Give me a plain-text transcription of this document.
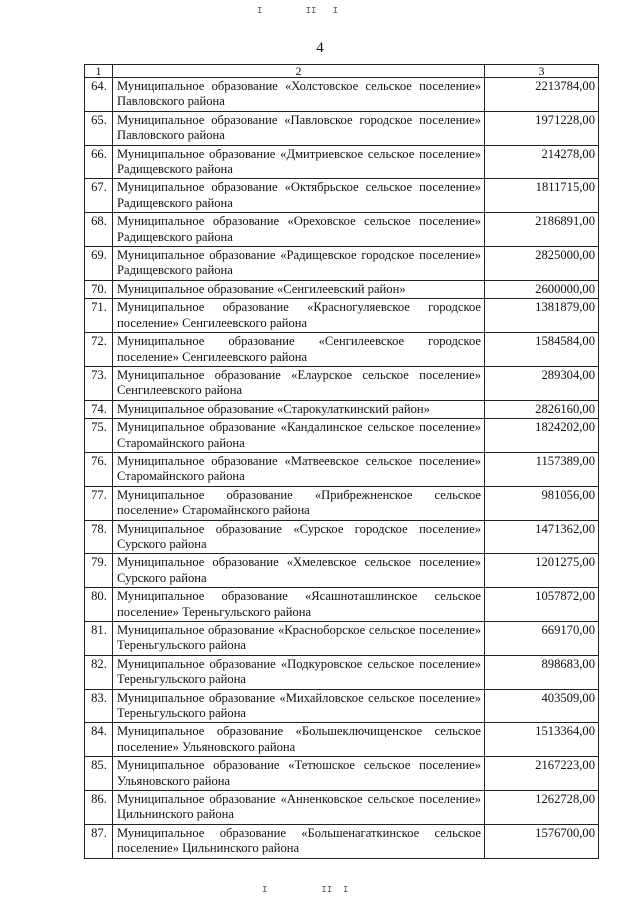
I        II   I
4
1	2	3
64.	Муниципальное образование «Холстовское сельское поселение» Павловского района	2213784,00
65.	Муниципальное образование «Павловское городское поселение» Павловского района	1971228,00
66.	Муниципальное образование «Дмитриевское сельское поселение» Радищевского района	214278,00
67.	Муниципальное образование «Октябрьское сельское поселение» Радищевского района	1811715,00
68.	Муниципальное образование «Ореховское сельское поселение» Радищевского района	2186891,00
69.	Муниципальное образование «Радищевское городское поселение» Радищевского района	2825000,00
70.	Муниципальное образование «Сенгилеевский район»	2600000,00
71.	Муниципальное образование «Красногуляевское городское поселение» Сенгилеевского района	1381879,00
72.	Муниципальное образование «Сенгилеевское городское поселение» Сенгилеевского района	1584584,00
73.	Муниципальное образование «Елаурское сельское поселение» Сенгилеевского района	289304,00
74.	Муниципальное образование «Старокулаткинский район»	2826160,00
75.	Муниципальное образование «Кандалинское сельское поселение» Старомайнского района	1824202,00
76.	Муниципальное образование «Матвеевское сельское поселение» Старомайнского района	1157389,00
77.	Муниципальное образование «Прибрежненское сельское поселение» Старомайнского района	981056,00
78.	Муниципальное образование «Сурское городское поселение» Сурского района	1471362,00
79.	Муниципальное образование «Хмелевское сельское поселение» Сурского района	1201275,00
80.	Муниципальное образование «Ясашноташлинское сельское поселение» Тереньгульского района	1057872,00
81.	Муниципальное образование «Красноборское сельское поселение» Тереньгульского района	669170,00
82.	Муниципальное образование «Подкуровское сельское поселение» Тереньгульского района	898683,00
83.	Муниципальное образование «Михайловское сельское поселение» Тереньгульского района	403509,00
84.	Муниципальное образование «Большеключищенское сельское поселение» Ульяновского района	1513364,00
85.	Муниципальное образование «Тетюшское сельское поселение» Ульяновского района	2167223,00
86.	Муниципальное образование «Анненковское сельское поселение» Цильнинского района	1262728,00
87.	Муниципальное образование «Большенагаткинское сельское поселение» Цильнинского района	1576700,00
I          II  I
